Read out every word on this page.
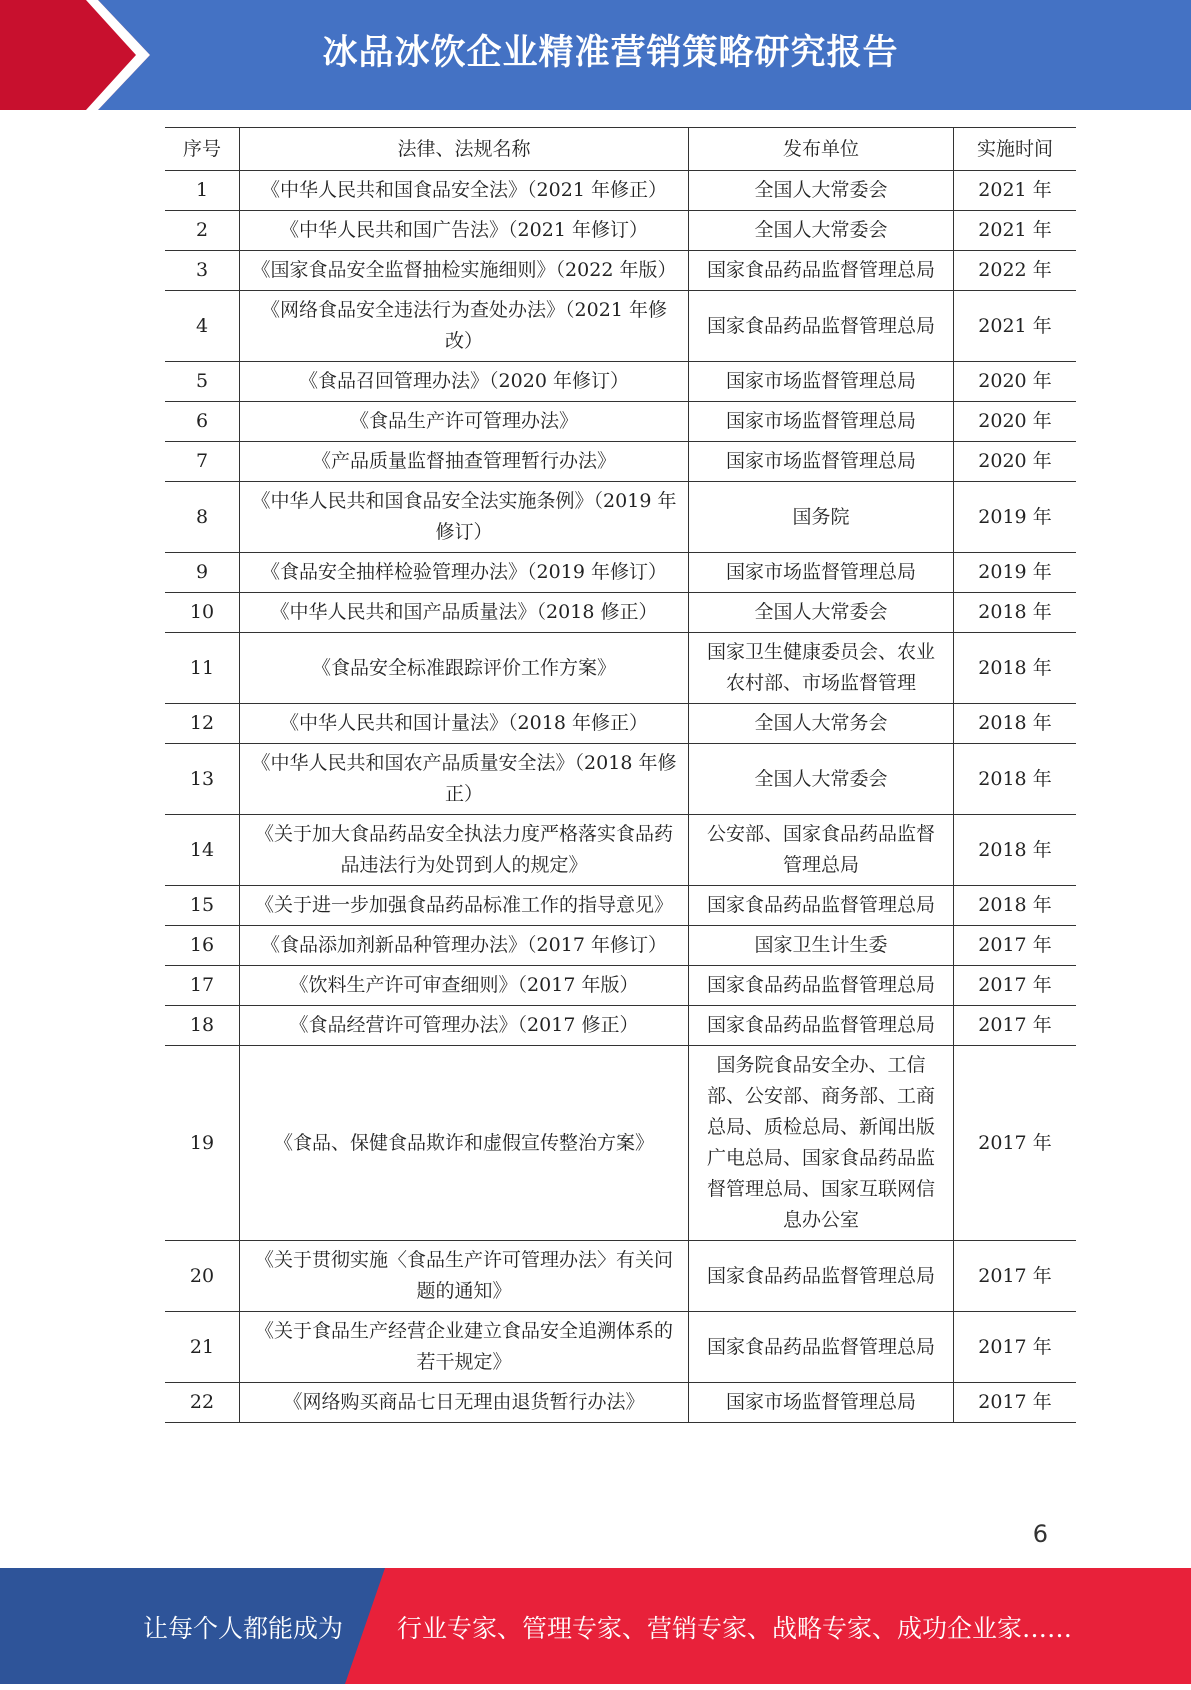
冰品冰饮企业精准营销策略研究报告
序号	法律、法规名称	发布单位	实施时间
1	《中华人民共和国食品安全法》（2021 年修正）	全国人大常委会	2021 年
2	《中华人民共和国广告法》（2021 年修订）	全国人大常委会	2021 年
3	《国家食品安全监督抽检实施细则》（2022 年版）	国家食品药品监督管理总局	2022 年
4	《网络食品安全违法行为查处办法》（2021 年修改）	国家食品药品监督管理总局	2021 年
5	《食品召回管理办法》（2020 年修订）	国家市场监督管理总局	2020 年
6	《食品生产许可管理办法》	国家市场监督管理总局	2020 年
7	《产品质量监督抽查管理暂行办法》	国家市场监督管理总局	2020 年
8	《中华人民共和国食品安全法实施条例》（2019 年修订）	国务院	2019 年
9	《食品安全抽样检验管理办法》（2019 年修订）	国家市场监督管理总局	2019 年
10	《中华人民共和国产品质量法》（2018 修正）	全国人大常委会	2018 年
11	《食品安全标准跟踪评价工作方案》	国家卫生健康委员会、农业农村部、市场监督管理	2018 年
12	《中华人民共和国计量法》（2018 年修正）	全国人大常务会	2018 年
13	《中华人民共和国农产品质量安全法》（2018 年修正）	全国人大常委会	2018 年
14	《关于加大食品药品安全执法力度严格落实食品药品违法行为处罚到人的规定》	公安部、国家食品药品监督管理总局	2018 年
15	《关于进一步加强食品药品标准工作的指导意见》	国家食品药品监督管理总局	2018 年
16	《食品添加剂新品种管理办法》（2017 年修订）	国家卫生计生委	2017 年
17	《饮料生产许可审查细则》（2017 年版）	国家食品药品监督管理总局	2017 年
18	《食品经营许可管理办法》（2017 修正）	国家食品药品监督管理总局	2017 年
19	《食品、保健食品欺诈和虚假宣传整治方案》	国务院食品安全办、工信部、公安部、商务部、工商总局、质检总局、新闻出版广电总局、国家食品药品监督管理总局、国家互联网信息办公室	2017 年
20	《关于贯彻实施〈食品生产许可管理办法〉有关问题的通知》	国家食品药品监督管理总局	2017 年
21	《关于食品生产经营企业建立食品安全追溯体系的若干规定》	国家食品药品监督管理总局	2017 年
22	《网络购买商品七日无理由退货暂行办法》	国家市场监督管理总局	2017 年
6
让每个人都能成为 行业专家、管理专家、营销专家、战略专家、成功企业家……
